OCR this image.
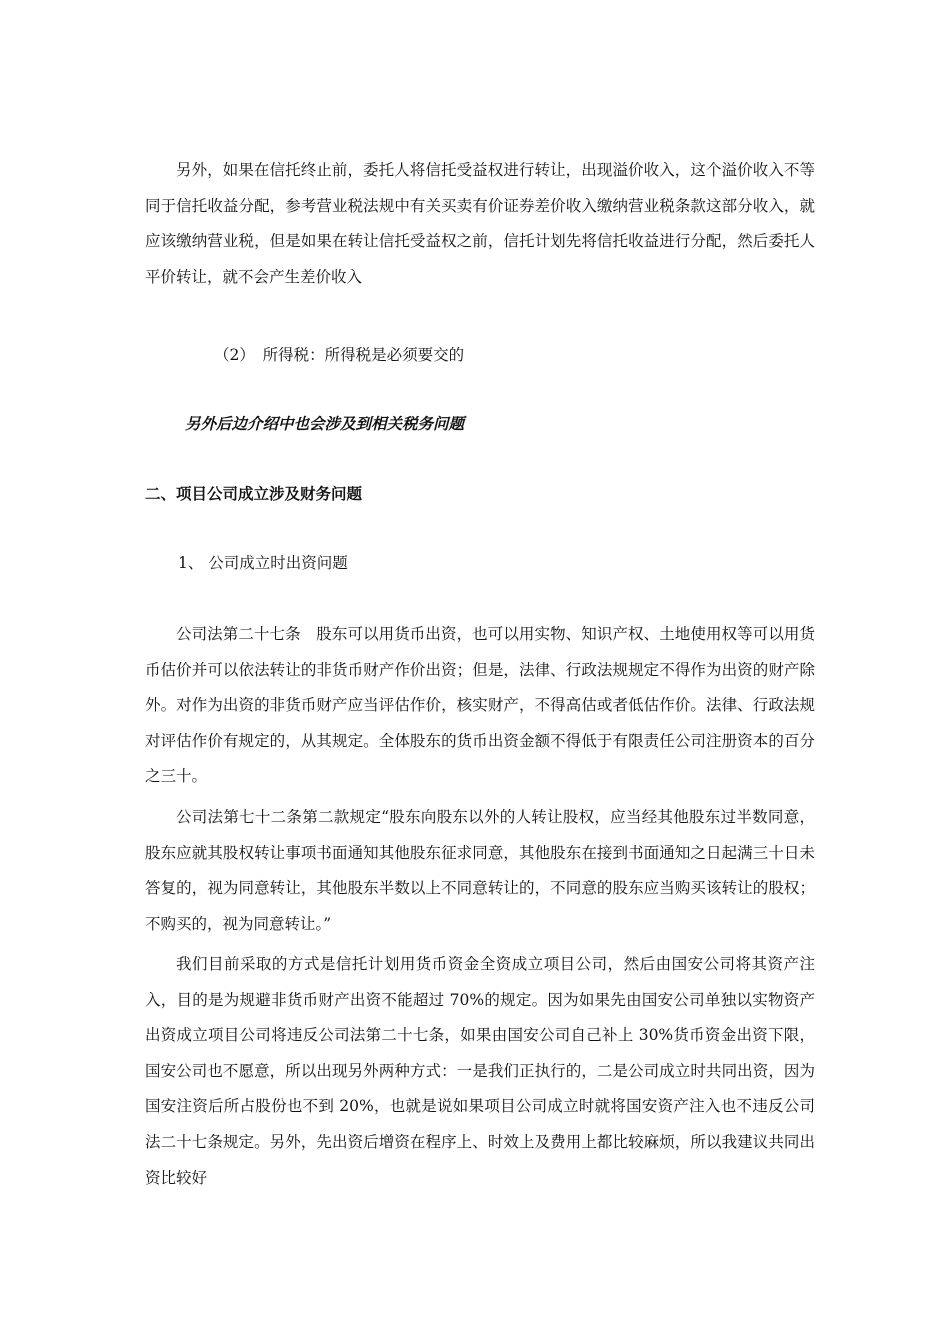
另外，如果在信托终止前，委托人将信托受益权进行转让，出现溢价收入，这个溢价收入不等同于信托收益分配，参考营业税法规中有关买卖有价证券差价收入缴纳营业税条款这部分收入，就应该缴纳营业税，但是如果在转让信托受益权之前，信托计划先将信托收益进行分配，然后委托人平价转让，就不会产生差价收入

（2）　所得税：所得税是必须要交的

另外后边介绍中也会涉及到相关税务问题

二、项目公司成立涉及财务问题

1、 公司成立时出资问题

公司法第二十七条　股东可以用货币出资，也可以用实物、知识产权、土地使用权等可以用货币估价并可以依法转让的非货币财产作价出资；但是，法律、行政法规规定不得作为出资的财产除外。对作为出资的非货币财产应当评估作价，核实财产，不得高估或者低估作价。法律、行政法规对评估作价有规定的，从其规定。全体股东的货币出资金额不得低于有限责任公司注册资本的百分之三十。

公司法第七十二条第二款规定“股东向股东以外的人转让股权，应当经其他股东过半数同意，股东应就其股权转让事项书面通知其他股东征求同意，其他股东在接到书面通知之日起满三十日未答复的，视为同意转让，其他股东半数以上不同意转让的，不同意的股东应当购买该转让的股权；不购买的，视为同意转让。”

我们目前采取的方式是信托计划用货币资金全资成立项目公司，然后由国安公司将其资产注入，目的是为规避非货币财产出资不能超过 70%的规定。因为如果先由国安公司单独以实物资产出资成立项目公司将违反公司法第二十七条，如果由国安公司自己补上 30%货币资金出资下限，国安公司也不愿意，所以出现另外两种方式：一是我们正执行的，二是公司成立时共同出资，因为国安注资后所占股份也不到 20%，也就是说如果项目公司成立时就将国安资产注入也不违反公司法二十七条规定。另外，先出资后增资在程序上、时效上及费用上都比较麻烦，所以我建议共同出资比较好
